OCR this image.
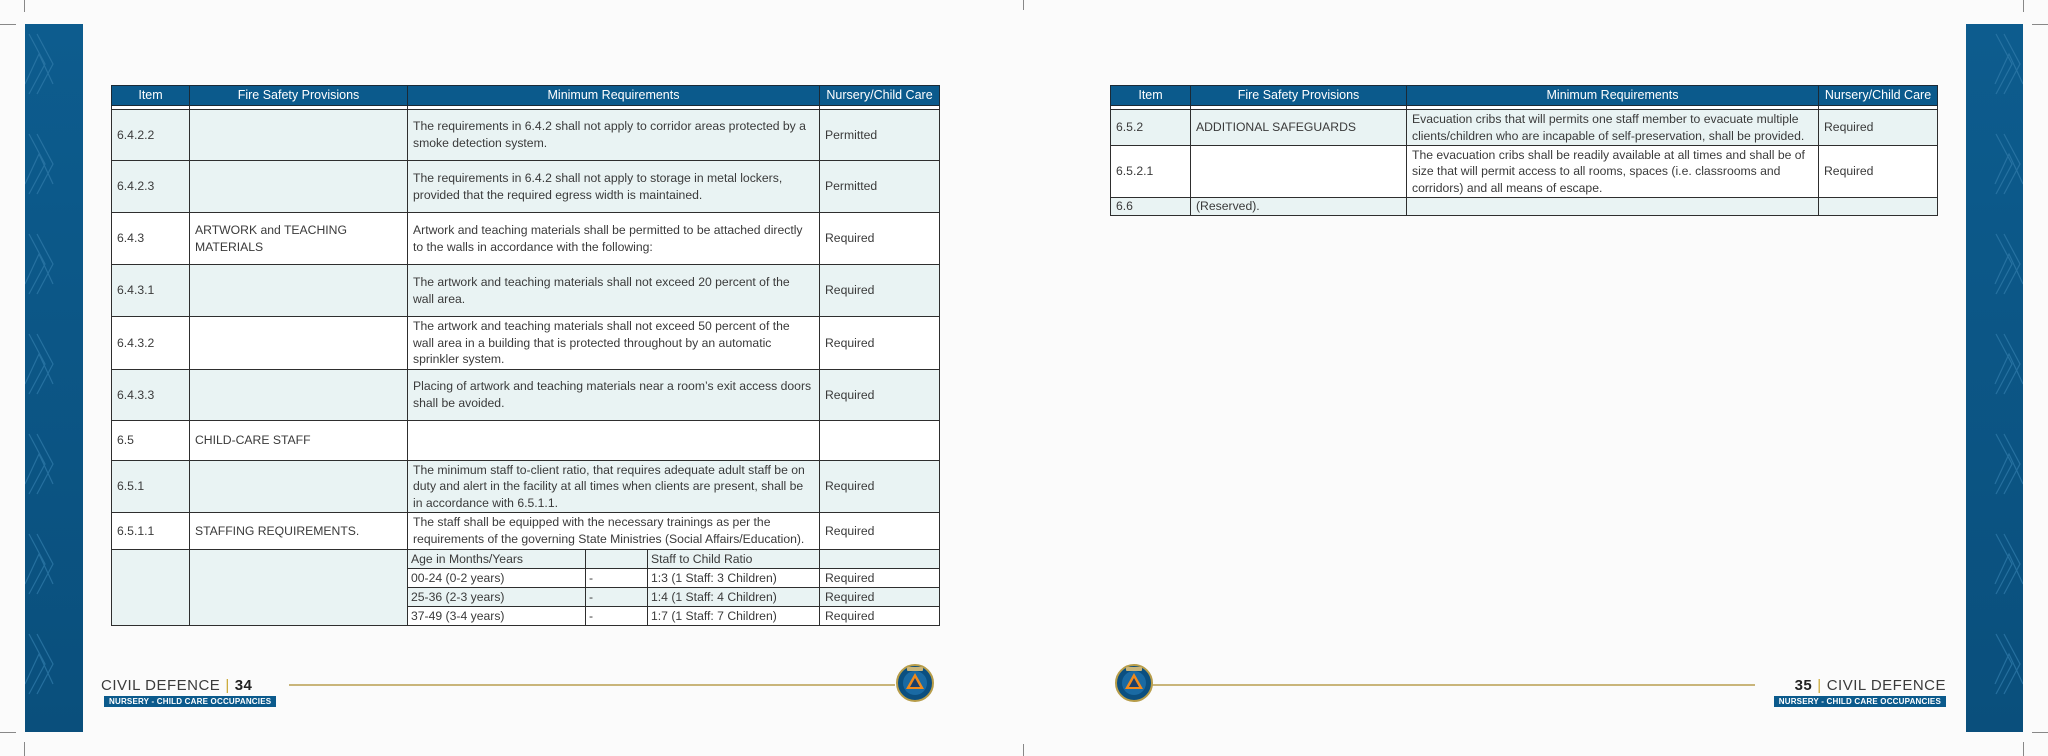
Item	Fire Safety Provisions	Minimum Requirements	Nursery/Child Care

6.4.2.2		The requirements in 6.4.2 shall not apply to corridor areas protected by a smoke detection system.	Permitted
6.4.2.3		The requirements in 6.4.2 shall not apply to storage in metal lockers, provided that the required egress width is maintained.	Permitted
6.4.3	ARTWORK and TEACHING MATERIALS	Artwork and teaching materials shall be permitted to be attached directly to the walls in accordance with the following:	Required
6.4.3.1		The artwork and teaching materials shall not exceed 20 percent of the wall area.	Required
6.4.3.2		The artwork and teaching materials shall not exceed 50 percent of the wall area in a building that is protected throughout by an automatic sprinkler system.	Required
6.4.3.3		Placing of artwork and teaching materials near a room’s exit access doors shall be avoided.	Required
6.5	CHILD-CARE STAFF		
6.5.1		The minimum staff to-client ratio, that requires adequate adult staff be on duty and alert in the facility at all times when clients are present, shall be in accordance with 6.5.1.1.	Required
6.5.1.1	STAFFING REQUIREMENTS.	The staff shall be equipped with the necessary trainings as per the requirements of the governing State Ministries (Social Affairs/Education).	Required

		Age in Months/Years Staff to Child Ratio	

		00-24 (0-2 years) - 1:3 (1 Staff: 3 Children)	Required

		25-36 (2-3 years) - 1:4 (1 Staff: 4 Children)	Required

		37-49 (3-4 years) - 1:7 (1 Staff: 7 Children)	Required
Item	Fire Safety Provisions	Minimum Requirements	Nursery/Child Care

6.5.2	ADDITIONAL SAFEGUARDS	Evacuation cribs that will permits one staff member to evacuate multiple clients/children who are incapable of self-preservation, shall be provided.	Required
6.5.2.1		The evacuation cribs shall be readily available at all times and shall be of size that will permit access to all rooms, spaces (i.e. classrooms and corridors) and all means of escape.	Required
6.6	(Reserved).		
CIVIL DEFENCE | 34
NURSERY - CHILD CARE OCCUPANCIES
35 | CIVIL DEFENCE
NURSERY - CHILD CARE OCCUPANCIES
